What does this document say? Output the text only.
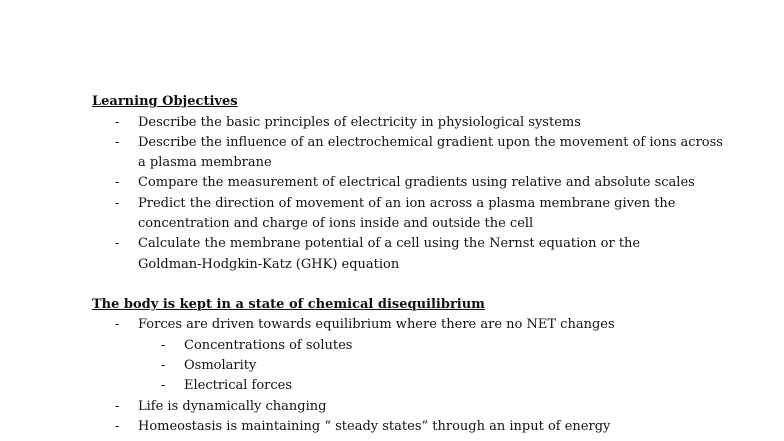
Learning Objectives
- Describe the basic principles of electricity in physiological systems
- Describe the influence of an electrochemical gradient upon the movement of ions across
a plasma membrane
- Compare the measurement of electrical gradients using relative and absolute scales
- Predict the direction of movement of an ion across a plasma membrane given the
concentration and charge of ions inside and outside the cell
- Calculate the membrane potential of a cell using the Nernst equation or the
Goldman-Hodgkin-Katz (GHK) equation
The body is kept in a state of chemical disequilibrium
- Forces are driven towards equilibrium where there are no NET changes
- Concentrations of solutes
- Osmolarity
- Electrical forces
- Life is dynamically changing
- Homeostasis is maintaining “ steady states” through an input of energy
